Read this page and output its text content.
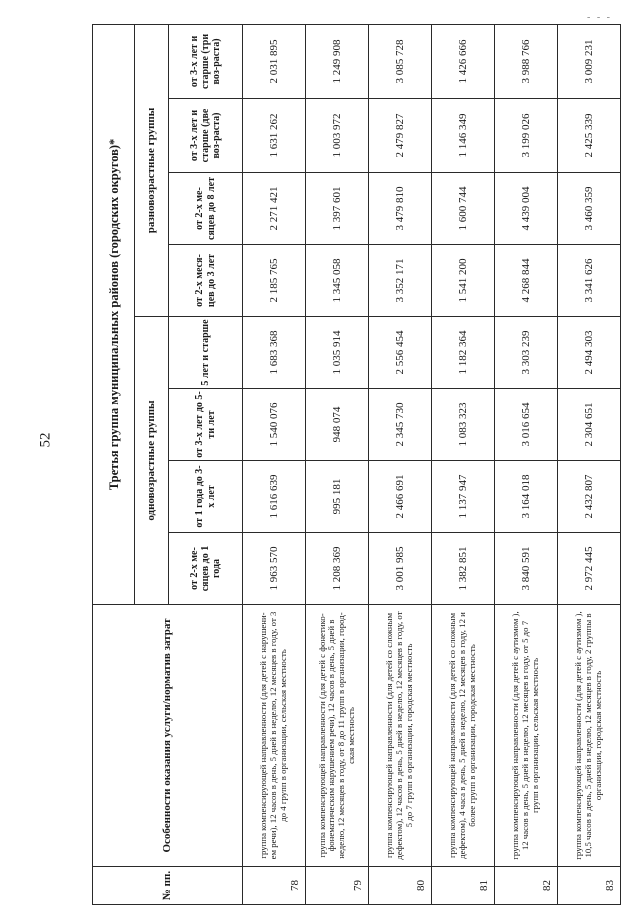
52
- - -
№ пп.	Особенности оказания услуги/норматив затрат	Третья группа муниципальных районов (городских округов)*							
		одновозрастные группы				разновозрастные группы			
		от 2-х ме-сяцев до 1 года	от 1 года до 3-х лет	от 3-х лет до 5-ти лет	5 лет и старше	от 2-х меся-цев до 3 лет	от 2-х ме-сяцев до 8 лет	от 3-х лет и старше (две воз-раста)	от 3-х лет и старше (три воз-раста)
78	группа компенсирующей направленности (для детей с нарушени-ем речи), 12 часов в день, 5 дней в неделю, 12 месяцев в году, от 3 до 4 групп в организации, сельская местность	1 963 570	1 616 639	1 540 076	1 683 368	2 185 765	2 271 421	1 631 262	2 031 895
79	группа компенсирующей направленности (для детей с фонетико-фонематическим нарушением речи), 12 часов в день, 5 дней в неделю, 12 месяцев в году, от 8 до 11 групп в организации, город-ская местность	1 208 369	995 181	948 074	1 035 914	1 345 058	1 397 601	1 003 972	1 249 908
80	группа компенсирующей направленности (для детей со сложным дефектом), 12 часов в день, 5 дней в неделю, 12 месяцев в году, от 5 до 7 групп в организации, городская местность	3 001 985	2 466 691	2 345 730	2 556 454	3 352 171	3 479 810	2 479 827	3 085 728
81	группа компенсирующей направленности (для детей со сложным дефектом), 4 часа в день, 5 дней в неделю, 12 месяцев в году, 12 и более групп в организации, городская местность	1 382 851	1 137 947	1 083 323	1 182 364	1 541 200	1 600 744	1 146 349	1 426 666
82	группа компенсирующей направленности (для детей с аутизмом ), 12 часов в день, 5 дней в неделю, 12 месяцев в году, от 5 до 7 групп в организации, сельская местность	3 840 591	3 164 018	3 016 654	3 303 239	4 268 844	4 439 004	3 199 026	3 988 766
83	группа компенсирующей направленности (для детей с аутизмом ), 10,5 часов в день, 5 дней в неделю, 12 месяцев в году, 2 группы в организации, городская местность	2 972 445	2 432 807	2 304 651	2 494 303	3 341 626	3 460 359	2 425 339	3 009 231
